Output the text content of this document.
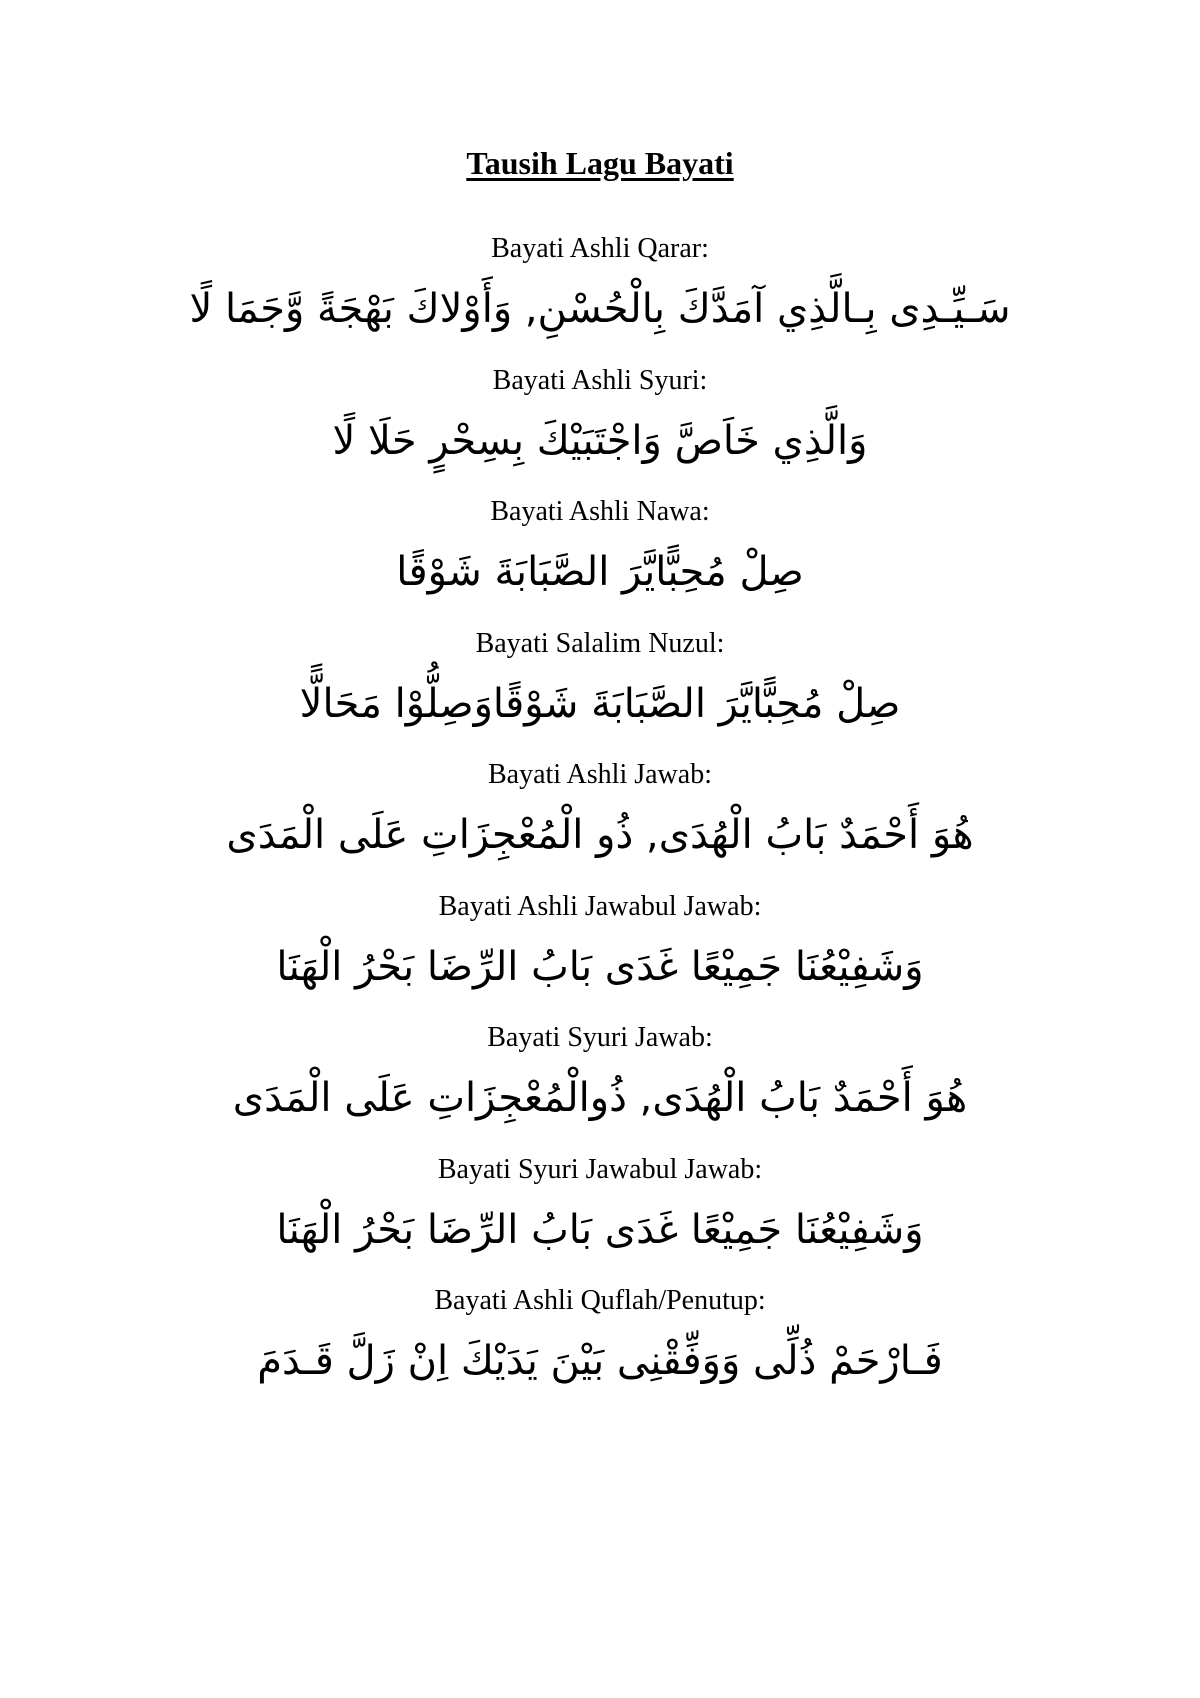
Tausih Lagu Bayati
Bayati Ashli Qarar:
سَـيِّـدِى بِـالَّذِي آمَدَّكَ بِالْحُسْنِ, وَأَوْلاكَ بَهْجَةً وَّجَمَا لًا
Bayati Ashli Syuri:
وَالَّذِي خَاَصَّ وَاجْتَبَيْكَ بِسِحْرٍ حَلَا لًا
Bayati Ashli Nawa:
صِلْ مُحِبًّايَّرَ الصَّبَابَةَ شَوْقًا
Bayati Salalim Nuzul:
صِلْ مُحِبًّايَّرَ الصَّبَابَةَ شَوْقًاوَصِلُّوْا مَحَالًّا
Bayati Ashli Jawab:
هُوَ أَحْمَدٌ بَابُ الْهُدَى, ذُو الْمُعْجِزَاتِ عَلَى الْمَدَى
Bayati Ashli Jawabul Jawab:
وَشَفِيْعُنَا جَمِيْعًا غَدَى بَابُ الرِّضَا بَحْرُ الْهَنَا
Bayati Syuri Jawab:
هُوَ أَحْمَدٌ بَابُ الْهُدَى, ذُوالْمُعْجِزَاتِ عَلَى الْمَدَى
Bayati Syuri Jawabul Jawab:
وَشَفِيْعُنَا جَمِيْعًا غَدَى بَابُ الرِّضَا بَحْرُ الْهَنَا
Bayati Ashli Quflah/Penutup:
فَـارْحَمْ ذُلِّى وَوَفِّقْنِى بَيْنَ يَدَيْكَ اِنْ زَلَّ قَـدَمَ
